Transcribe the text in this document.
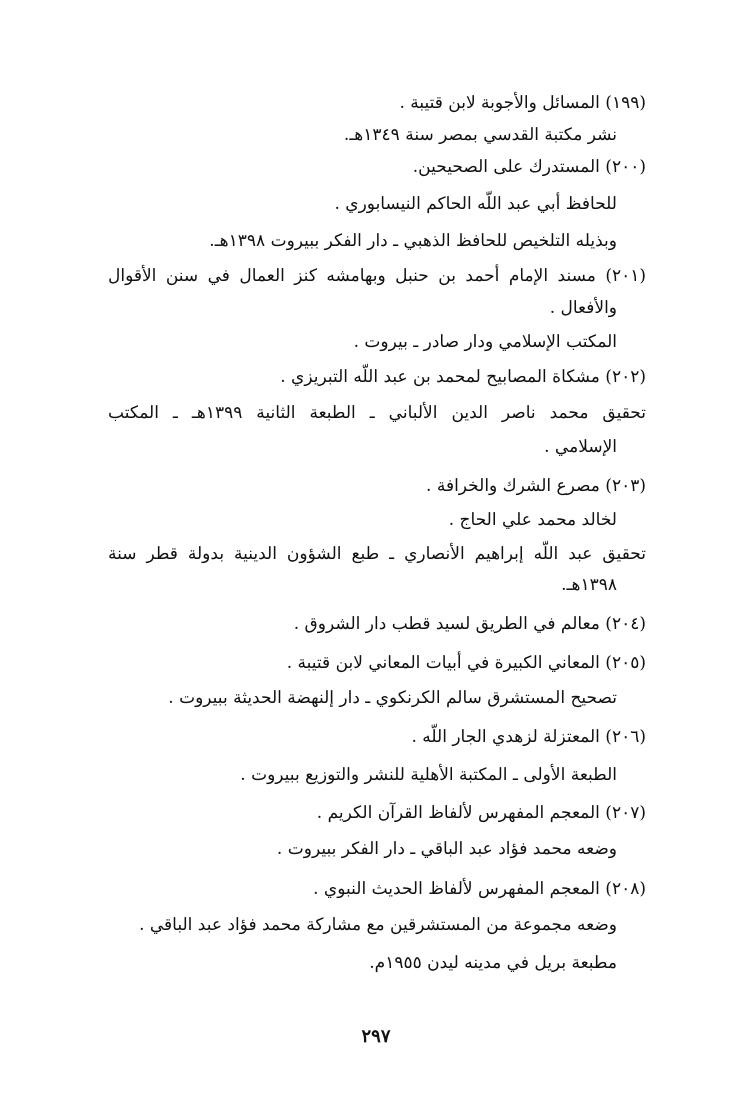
(١٩٩) المسائل والأجوبة لابن قتيبة .

نشر مكتبة القدسي بمصر سنة ١٣٤٩هـ.

(٢٠٠) المستدرك على الصحيحين.

للحافظ أبي عبد اللّه الحاكم النيسابوري .

وبذيله التلخيص للحافظ الذهبي ـ دار الفكر ببيروت ١٣٩٨هـ.

(٢٠١) مسند الإمام أحمد بن حنبل وبهامشه كنز العمال في سنن الأقوال

والأفعال .

المكتب الإسلامي ودار صادر ـ بيروت .

(٢٠٢) مشكاة المصابيح لمحمد بن عبد اللّه التبريزي .

تحقيق محمد ناصر الدين الألباني ـ الطبعة الثانية ١٣٩٩هـ ـ المكتب

الإسلامي .

(٢٠٣) مصرع الشرك والخرافة .

لخالد محمد علي الحاج .

تحقيق عبد اللّه إبراهيم الأنصاري ـ طبع الشؤون الدينية بدولة قطر سنة

١٣٩٨هـ.

(٢٠٤) معالم في الطريق لسيد قطب دار الشروق .

(٢٠٥) المعاني الكبيرة في أبيات المعاني لابن قتيبة .

تصحيح المستشرق سالم الكرنكوي ـ دار إلنهضة الحديثة ببيروت .

(٢٠٦) المعتزلة لزهدي الجار اللّه .

الطبعة الأولى ـ المكتبة الأهلية للنشر والتوزيع ببيروت .

(٢٠٧) المعجم المفهرس لألفاظ القرآن الكريم .

وضعه محمد فؤاد عبد الباقي ـ دار الفكر ببيروت .

(٢٠٨) المعجم المفهرس لألفاظ الحديث النبوي .

وضعه مجموعة من المستشرقين مع مشاركة محمد فؤاد عبد الباقي .

مطبعة بريل في مدينه ليدن ١٩٥٥م.

٢٩٧
